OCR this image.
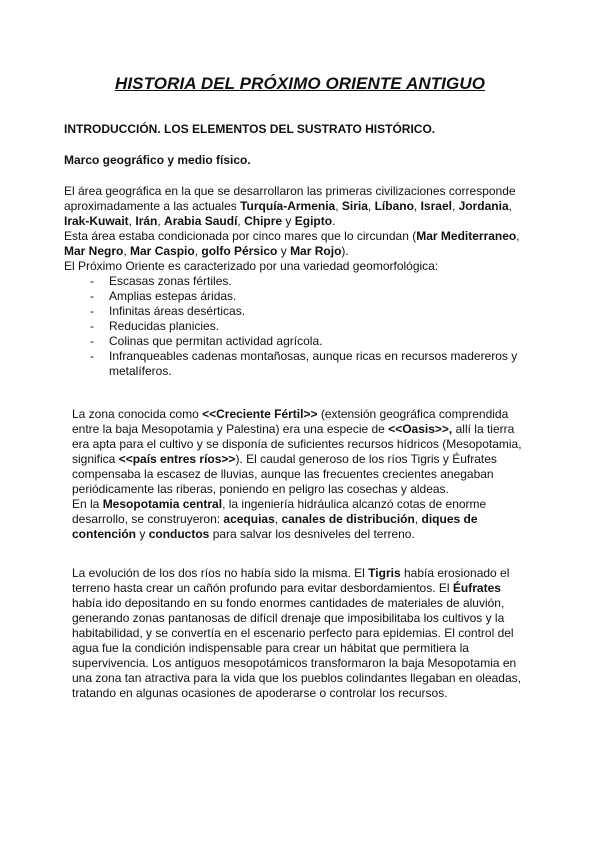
HISTORIA DEL PRÓXIMO ORIENTE ANTIGUO
INTRODUCCIÓN. LOS ELEMENTOS DEL SUSTRATO HISTÓRICO.
Marco geográfico y medio físico.

El área geográfica en la que se desarrollaron las primeras civilizaciones corresponde aproximadamente a las actuales Turquía-Armenia, Siria, Líbano, Israel, Jordania, Irak-Kuwait, Irán, Arabia Saudí, Chipre y Egipto.

Esta área estaba condicionada por cinco mares que lo circundan (Mar Mediterraneo, Mar Negro, Mar Caspio, golfo Pérsico y Mar Rojo).

El Próximo Oriente es caracterizado por una variedad geomorfológica:

- Escasas zonas fértiles.
- Amplias estepas áridas.
- Infinitas áreas desérticas.
- Reducidas planicies.
- Colinas que permitan actividad agrícola.
- Infranqueables cadenas montañosas, aunque ricas en recursos madereros y metalíferos.

La zona conocida como <<Creciente Fértil>> (extensión geográfica comprendida entre la baja Mesopotamia y Palestina) era una especie de <<Oasis>>, allí la tierra era apta para el cultivo y se disponía de suficientes recursos hídricos (Mesopotamia, significa <<país entres ríos>>). El caudal generoso de los ríos Tigris y Éufrates compensaba la escasez de lluvias, aunque las frecuentes crecientes anegaban periódicamente las riberas, poniendo en peligro las cosechas y aldeas.

En la Mesopotamia central, la ingeniería hidráulica alcanzó cotas de enorme desarrollo, se construyeron: acequias, canales de distribución, diques de contención y conductos para salvar los desniveles del terreno.

La evolución de los dos ríos no había sido la misma. El Tigris había erosionado el terreno hasta crear un cañón profundo para evitar desbordamientos. El Éufrates había ido depositando en su fondo enormes cantidades de materiales de aluvión, generando zonas pantanosas de difícil drenaje que imposibilitaba los cultivos y la habitabilidad, y se convertía en el escenario perfecto para epidemias. El control del agua fue la condición indispensable para crear un hábitat que permitiera la supervivencia. Los antiguos mesopotámicos transformaron la baja Mesopotamia en una zona tan atractiva para la vida que los pueblos colindantes llegaban en oleadas, tratando en algunas ocasiones de apoderarse o controlar los recursos.
